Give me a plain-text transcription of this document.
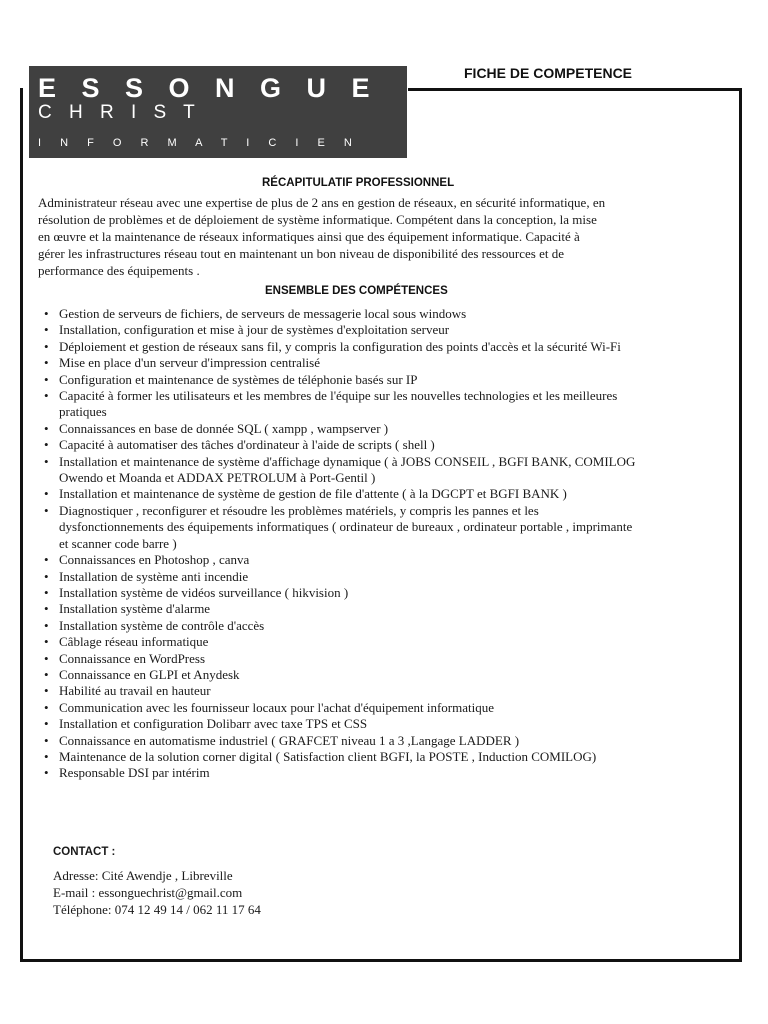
E S S O N G U E
C H R I S T
I N F O R M A T I C I E N
FICHE DE COMPETENCE
RÉCAPITULATIF PROFESSIONNEL
Administrateur réseau avec une expertise de plus de 2 ans en gestion de réseaux, en sécurité informatique, en
résolution de problèmes et de déploiement de système informatique. Compétent dans la conception, la mise
en œuvre et la maintenance de réseaux informatiques ainsi que des équipement informatique. Capacité à
gérer les infrastructures réseau tout en maintenant un bon niveau de disponibilité des ressources et de
performance des équipements .
ENSEMBLE DES COMPÉTENCES
• Gestion de serveurs de fichiers, de serveurs de messagerie local sous windows
• Installation, configuration et mise à jour de systèmes d'exploitation serveur
• Déploiement et gestion de réseaux sans fil, y compris la configuration des points d'accès et la sécurité Wi-Fi
• Mise en place d'un serveur d'impression centralisé
• Configuration et maintenance de systèmes de téléphonie basés sur IP
• Capacité à former les utilisateurs et les membres de l'équipe sur les nouvelles technologies et les meilleures
pratiques
• Connaissances en base de donnée SQL ( xampp , wampserver )
• Capacité à automatiser des tâches d'ordinateur à l'aide de scripts ( shell )
• Installation et maintenance de système d'affichage dynamique ( à JOBS CONSEIL , BGFI BANK, COMILOG
Owendo et Moanda et ADDAX PETROLUM à Port-Gentil )
• Installation et maintenance de système de gestion de file d'attente ( à la DGCPT et BGFI BANK )
• Diagnostiquer , reconfigurer et résoudre les problèmes matériels, y compris les pannes et les
dysfonctionnements des équipements informatiques ( ordinateur de bureaux , ordinateur portable , imprimante
et scanner code barre )
• Connaissances en Photoshop , canva
• Installation de système anti incendie
• Installation système de vidéos surveillance ( hikvision )
• Installation système d'alarme
• Installation système de contrôle d'accès
• Câblage réseau informatique
• Connaissance en WordPress
• Connaissance en GLPI et Anydesk
• Habilité au travail en hauteur
• Communication avec les fournisseur locaux pour l'achat d'équipement informatique
• Installation et configuration Dolibarr avec taxe TPS et CSS
• Connaissance en automatisme industriel ( GRAFCET niveau 1 a 3 ,Langage LADDER )
• Maintenance de la solution corner digital ( Satisfaction client BGFI, la POSTE , Induction COMILOG)
• Responsable DSI par intérim
CONTACT :
Adresse: Cité Awendje , Libreville
E-mail : essonguechrist@gmail.com
Téléphone: 074 12 49 14 / 062 11 17 64
